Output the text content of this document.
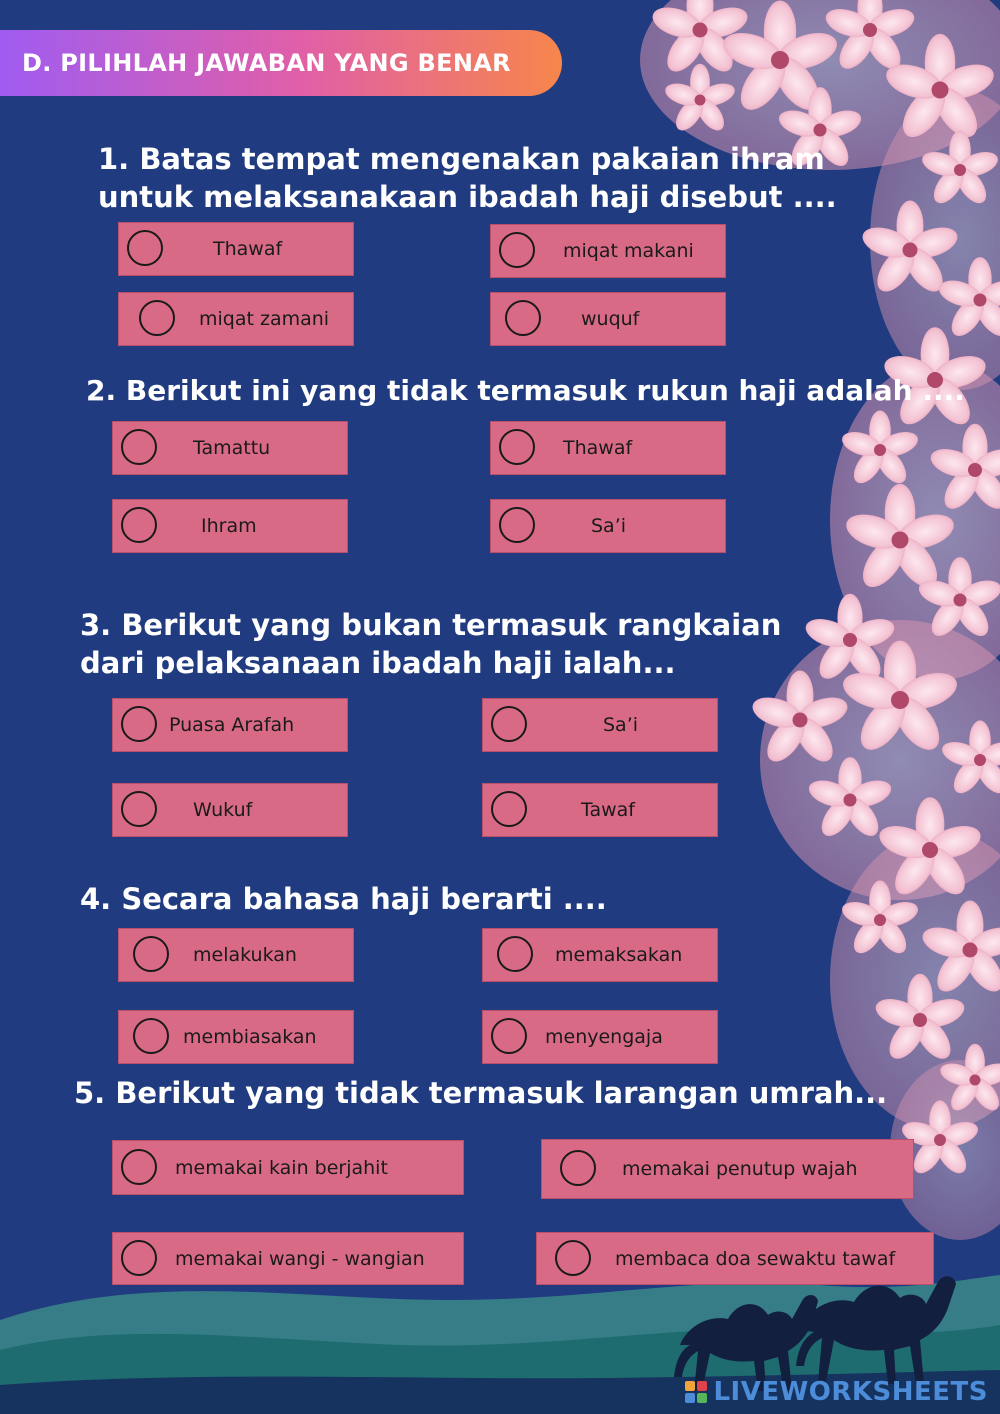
D. PILIHLAH JAWABAN YANG BENAR

1. Batas tempat mengenakan pakaian ihram untuk melaksanakaan ibadah haji disebut ....

Thawaf	miqat makani
miqat zamani	wuquf

2. Berikut ini yang tidak termasuk rukun haji adalah ....

Tamattu	Thawaf
Ihram	Sa’i

3. Berikut yang bukan termasuk rangkaian dari pelaksanaan ibadah haji ialah...

Puasa Arafah	Sa’i
Wukuf	Tawaf

4. Secara bahasa haji berarti ....

melakukan	memaksakan
membiasakan	menyengaja

5. Berikut yang tidak termasuk larangan umrah...

memakai kain berjahit	memakai penutup wajah
memakai wangi - wangian	membaca doa sewaktu tawaf
LIVEWORKSHEETS
